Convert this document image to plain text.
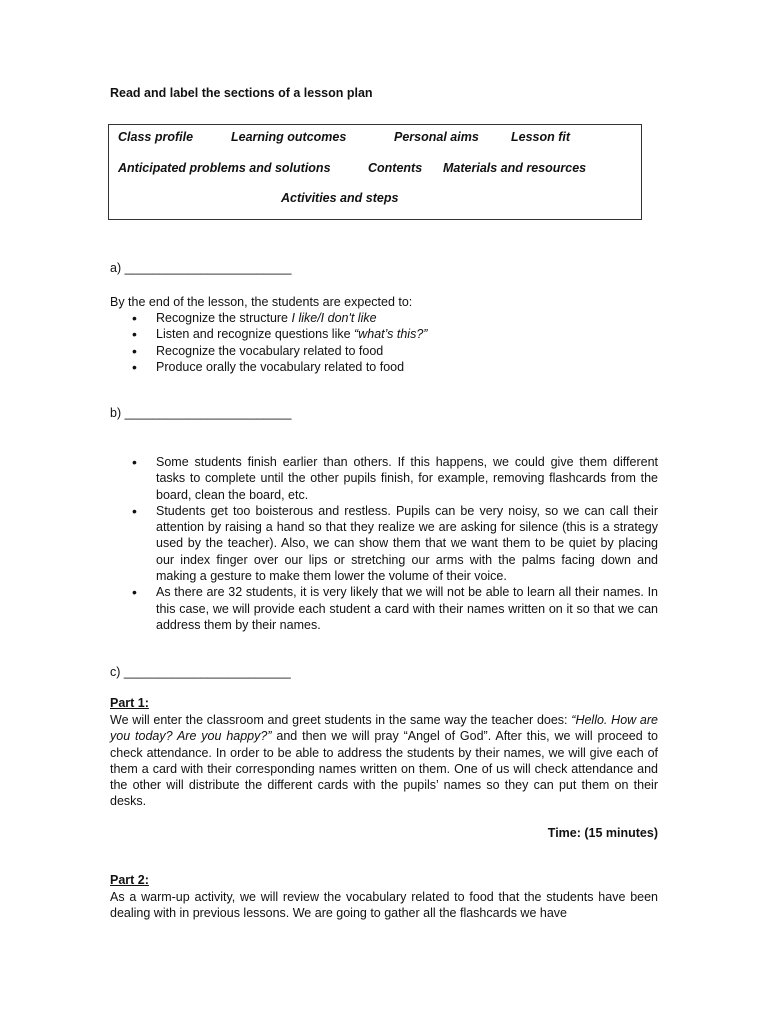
Read and label the sections of a lesson plan
Class profile	Learning outcomes	Personal aims	Lesson fit
Anticipated problems and solutions	Contents Materials and resources
Activities and steps
a) ________________________
By the end of the lesson, the students are expected to:
• Recognize the structure I like/I don't like
• Listen and recognize questions like “what’s this?”
• Recognize the vocabulary related to food
• Produce orally the vocabulary related to food
b) ________________________
• Some students finish earlier than others. If this happens, we could give them different tasks to complete until the other pupils finish, for example, removing flashcards from the board, clean the board, etc.
• Students get too boisterous and restless. Pupils can be very noisy, so we can call their attention by raising a hand so that they realize we are asking for silence (this is a strategy used by the teacher). Also, we can show them that we want them to be quiet by placing our index finger over our lips or stretching our arms with the palms facing down and making a gesture to make them lower the volume of their voice.
• As there are 32 students, it is very likely that we will not be able to learn all their names. In this case, we will provide each student a card with their names written on it so that we can address them by their names.
c) ________________________
Part 1:
We will enter the classroom and greet students in the same way the teacher does: “Hello. How are you today? Are you happy?” and then we will pray “Angel of God”. After this, we will proceed to check attendance. In order to be able to address the students by their names, we will give each of them a card with their corresponding names written on them. One of us will check attendance and the other will distribute the different cards with the pupils’ names so they can put them on their desks.
Time: (15 minutes)
Part 2:
As a warm-up activity, we will review the vocabulary related to food that the students have been dealing with in previous lessons. We are going to gather all the flashcards we have
